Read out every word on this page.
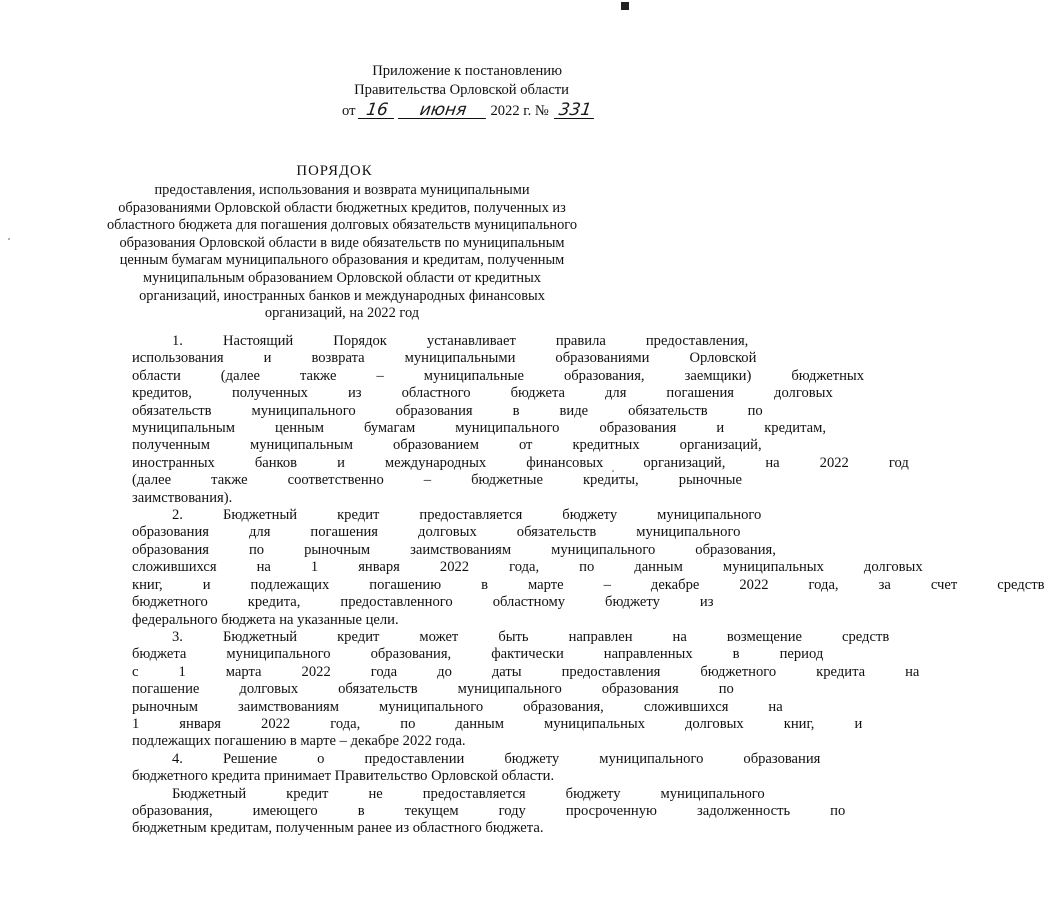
Приложение к постановлению
Правительства Орловской области
от 16 июня 2022 г. № 331
ПОРЯДОК
предоставления, использования и возврата муниципальными
образованиями Орловской области бюджетных кредитов, полученных из
областного бюджета для погашения долговых обязательств муниципального
образования Орловской области в виде обязательств по муниципальным
ценным бумагам муниципального образования и кредитам, полученным
муниципальным образованием Орловской области от кредитных
организаций, иностранных банков и международных финансовых
организаций, на 2022 год
1.	Настоящий	Порядок	устанавливает	правила	предоставления,
использования	и	возврата	муниципальными	образованиями	Орловской
области	(далее	также	–	муниципальные	образования,	заемщики)	бюджетных
кредитов,	полученных	из	областного	бюджета	для	погашения	долговых
обязательств	муниципального	образования	в	виде	обязательств	по
муниципальным	ценным	бумагам	муниципального	образования	и	кредитам,
полученным	муниципальным	образованием	от	кредитных	организаций,
иностранных	банков	и	международных	финансовых	организаций,	на	2022	год
(далее	также	соответственно	–	бюджетные	кредиты,	рыночные
заимствования).
2.	Бюджетный	кредит	предоставляется	бюджету	муниципального
образования	для	погашения	долговых	обязательств	муниципального
образования	по	рыночным	заимствованиям	муниципального	образования,
сложившихся	на	1	января	2022	года,	по	данным	муниципальных	долговых
книг,	и	подлежащих	погашению	в	марте	–	декабре	2022	года,	за	счет	средств
бюджетного	кредита,	предоставленного	областному	бюджету	из
федерального бюджета на указанные цели.
3.	Бюджетный	кредит	может	быть	направлен	на	возмещение	средств
бюджета	муниципального	образования,	фактически	направленных	в	период
с	1	марта	2022	года	до	даты	предоставления	бюджетного	кредита	на
погашение	долговых	обязательств	муниципального	образования	по
рыночным	заимствованиям	муниципального	образования,	сложившихся	на
1	января	2022	года,	по	данным	муниципальных	долговых	книг,	и
подлежащих погашению в марте – декабре 2022 года.
4.	Решение	о	предоставлении	бюджету	муниципального	образования
бюджетного кредита принимает Правительство Орловской области.
Бюджетный	кредит	не	предоставляется	бюджету	муниципального
образования,	имеющего	в	текущем	году	просроченную	задолженность	по
бюджетным кредитам, полученным ранее из областного бюджета.
